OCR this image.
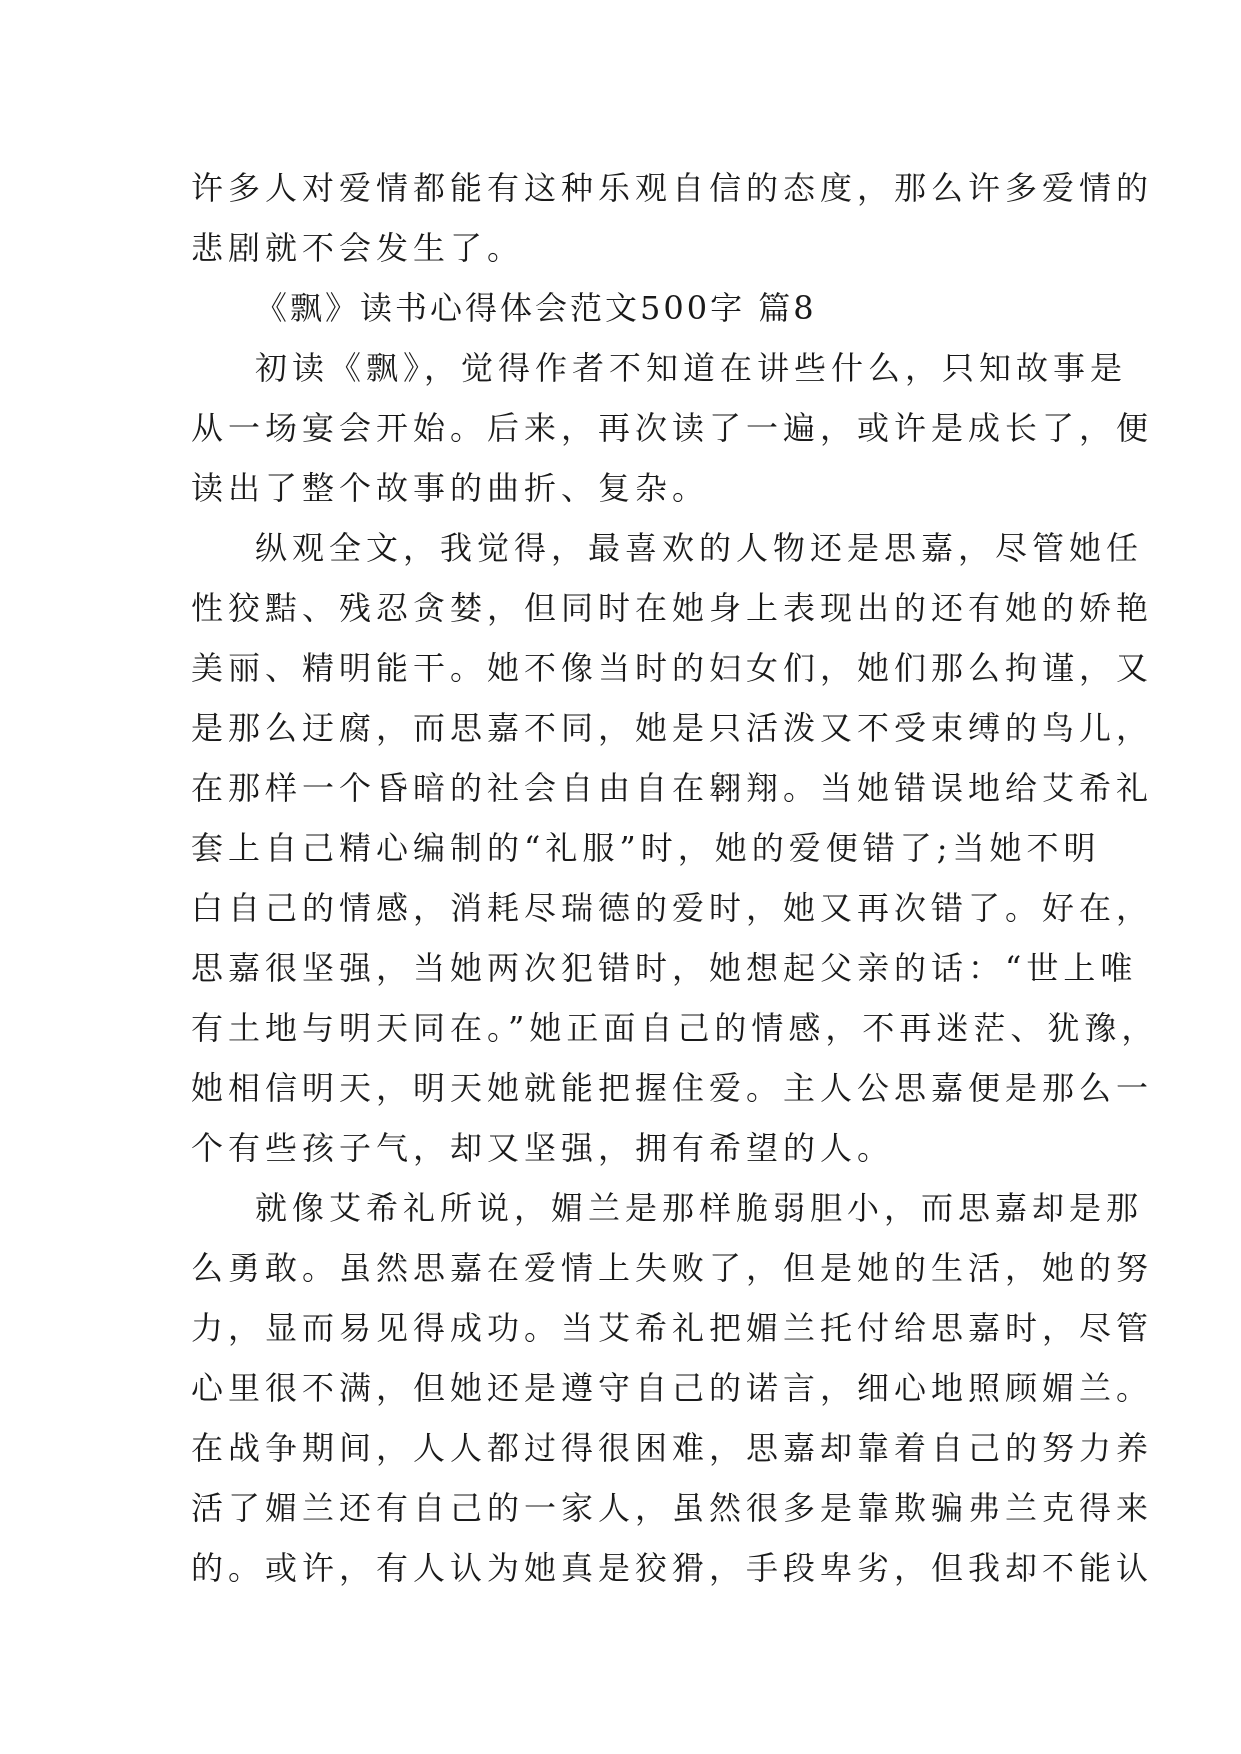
许多人对爱情都能有这种乐观自信的态度，那么许多爱情的
悲剧就不会发生了。
《飘》读书心得体会范文500字 篇8
初读《飘》，觉得作者不知道在讲些什么，只知故事是
从一场宴会开始。后来，再次读了一遍，或许是成长了，便
读出了整个故事的曲折、复杂。
纵观全文，我觉得，最喜欢的人物还是思嘉，尽管她任
性狡黠、残忍贪婪，但同时在她身上表现出的还有她的娇艳
美丽、精明能干。她不像当时的妇女们，她们那么拘谨，又
是那么迂腐，而思嘉不同，她是只活泼又不受束缚的鸟儿，
在那样一个昏暗的社会自由自在翱翔。当她错误地给艾希礼
套上自己精心编制的“礼服”时，她的爱便错了;当她不明
白自己的情感，消耗尽瑞德的爱时，她又再次错了。好在，
思嘉很坚强，当她两次犯错时，她想起父亲的话：“世上唯
有土地与明天同在。”她正面自己的情感，不再迷茫、犹豫，
她相信明天，明天她就能把握住爱。主人公思嘉便是那么一
个有些孩子气，却又坚强，拥有希望的人。
就像艾希礼所说，媚兰是那样脆弱胆小，而思嘉却是那
么勇敢。虽然思嘉在爱情上失败了，但是她的生活，她的努
力，显而易见得成功。当艾希礼把媚兰托付给思嘉时，尽管
心里很不满，但她还是遵守自己的诺言，细心地照顾媚兰。
在战争期间，人人都过得很困难，思嘉却靠着自己的努力养
活了媚兰还有自己的一家人，虽然很多是靠欺骗弗兰克得来
的。或许，有人认为她真是狡猾，手段卑劣，但我却不能认
